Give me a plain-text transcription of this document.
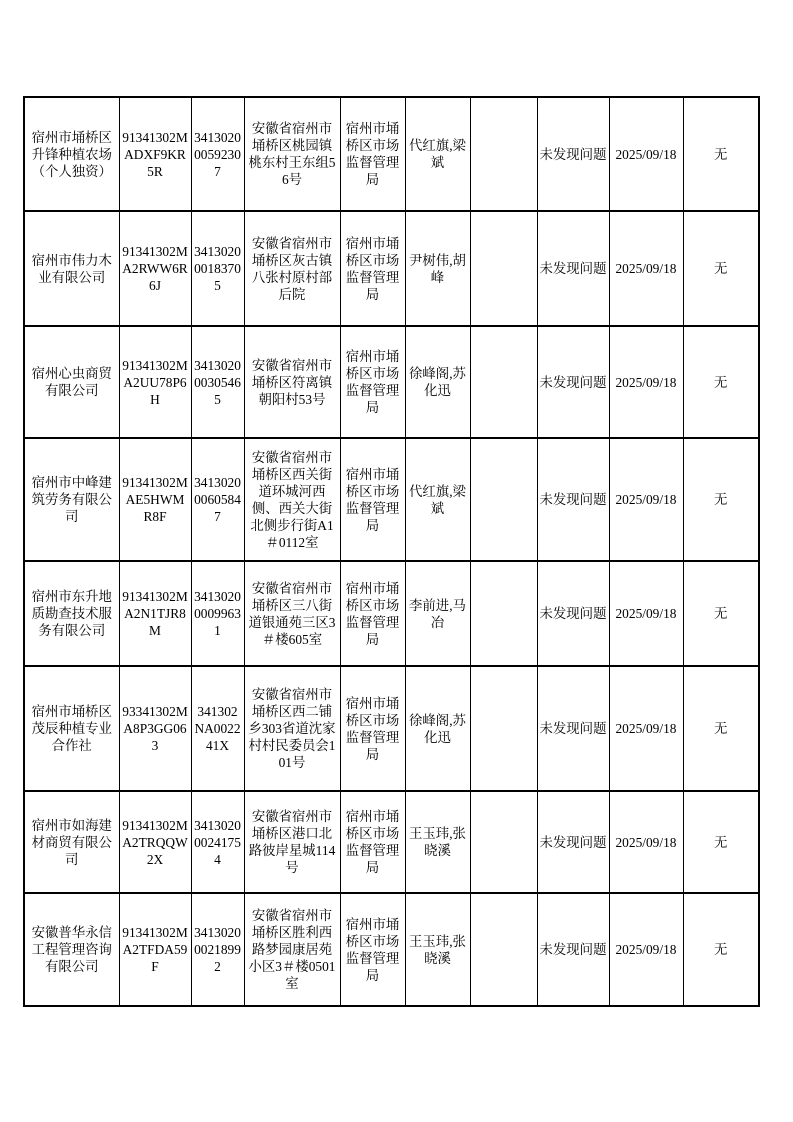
宿州市埇桥区升锋种植农场（个人独资）	91341302MADXF9KR5R	341302000592307	安徽省宿州市埇桥区桃园镇桃东村王东组56号	宿州市埇桥区市场监督管理局	代红旗,梁斌		未发现问题	2025/09/18	无
宿州市伟力木业有限公司	91341302MA2RWW6R6J	341302000183705	安徽省宿州市埇桥区灰古镇八张村原村部后院	宿州市埇桥区市场监督管理局	尹树伟,胡峰		未发现问题	2025/09/18	无
宿州心虫商贸有限公司	91341302MA2UU78P6H	341302000305465	安徽省宿州市埇桥区符离镇朝阳村53号	宿州市埇桥区市场监督管理局	徐峰阁,苏化迅		未发现问题	2025/09/18	无
宿州市中峰建筑劳务有限公司	91341302MAE5HWMR8F	341302000605847	安徽省宿州市埇桥区西关街道环城河西侧、西关大街北侧步行街A1＃0112室	宿州市埇桥区市场监督管理局	代红旗,梁斌		未发现问题	2025/09/18	无
宿州市东升地质勘查技术服务有限公司	91341302MA2N1TJR8M	341302000099631	安徽省宿州市埇桥区三八街道银通苑三区3＃楼605室	宿州市埇桥区市场监督管理局	李前进,马冶		未发现问题	2025/09/18	无
宿州市埇桥区茂辰种植专业合作社	93341302MA8P3GG063	341302NA002241X	安徽省宿州市埇桥区西二铺乡303省道沈家村村民委员会101号	宿州市埇桥区市场监督管理局	徐峰阁,苏化迅		未发现问题	2025/09/18	无
宿州市如海建材商贸有限公司	91341302MA2TRQQW2X	341302000241754	安徽省宿州市埇桥区港口北路彼岸星城114号	宿州市埇桥区市场监督管理局	王玉玮,张晓溪		未发现问题	2025/09/18	无
安徽普华永信工程管理咨询有限公司	91341302MA2TFDA59F	341302000218992	安徽省宿州市埇桥区胜利西路梦园康居苑小区3＃楼0501室	宿州市埇桥区市场监督管理局	王玉玮,张晓溪		未发现问题	2025/09/18	无
